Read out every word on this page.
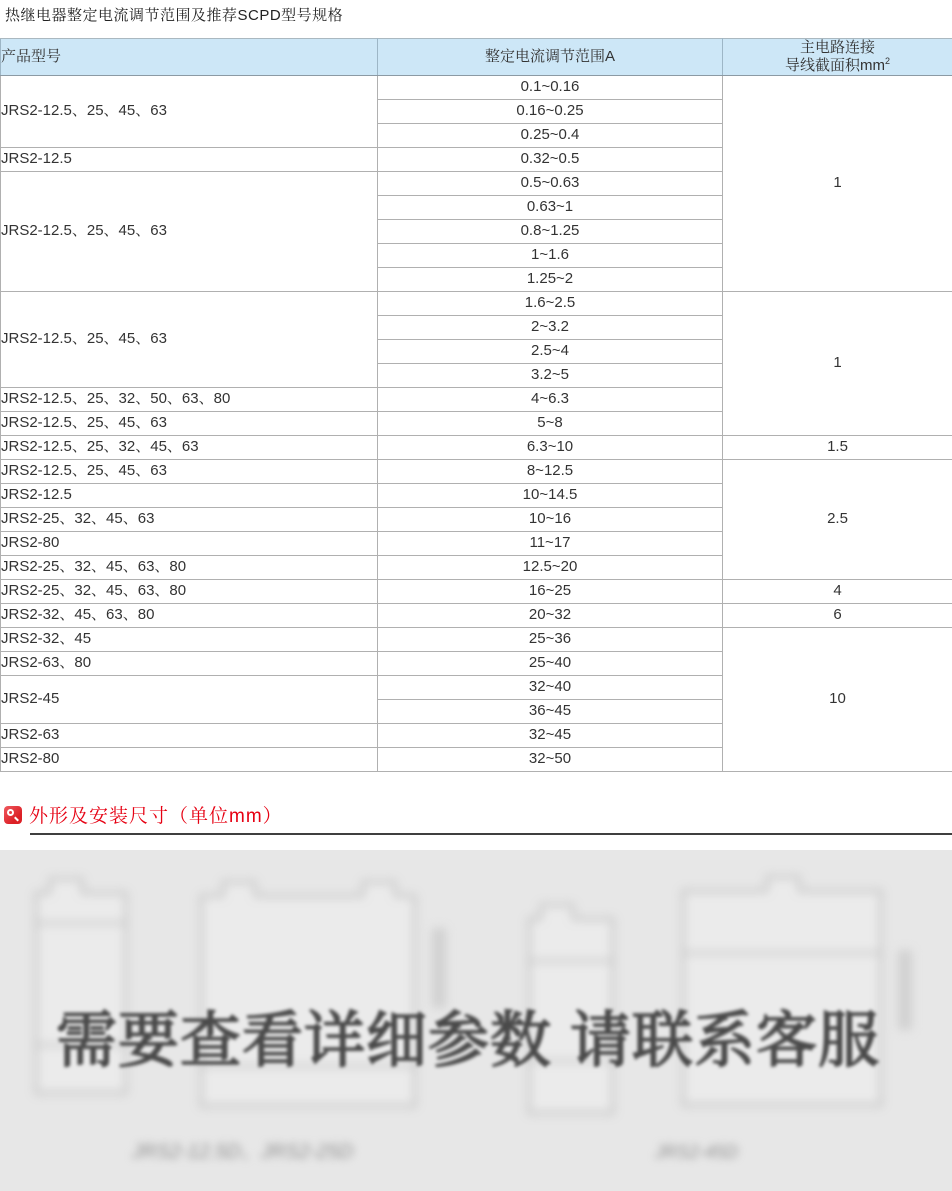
热继电器整定电流调节范围及推荐SCPD型号规格
产品型号	整定电流调节范围A	主电路连接
导线截面积$mm^2$
JRS2-12.5、25、45、63	0.1~0.16	1
	0.16~0.25	
	0.25~0.4	
JRS2-12.5	0.32~0.5	
JRS2-12.5、25、45、63	0.5~0.63	
	0.63~1	
	0.8~1.25	
	1~1.6	
	1.25~2	
JRS2-12.5、25、45、63	1.6~2.5	1
	2~3.2	
	2.5~4	
	3.2~5	
JRS2-12.5、25、32、50、63、80	4~6.3	
JRS2-12.5、25、45、63	5~8	
JRS2-12.5、25、32、45、63	6.3~10	1.5
JRS2-12.5、25、45、63	8~12.5	2.5
JRS2-12.5	10~14.5	
JRS2-25、32、45、63	10~16	
JRS2-80	11~17	
JRS2-25、32、45、63、80	12.5~20	
JRS2-25、32、45、63、80	16~25	4
JRS2-32、45、63、80	20~32	6
JRS2-32、45	25~36	10
JRS2-63、80	25~40	
JRS2-45	32~40	
	36~45	
JRS2-63	32~45	
JRS2-80	32~50	
外形及安装尺寸（单位mm）
JRS2-12.5D、JRS2-25D	JRS2-45D
需要查看详细参数 请联系客服
